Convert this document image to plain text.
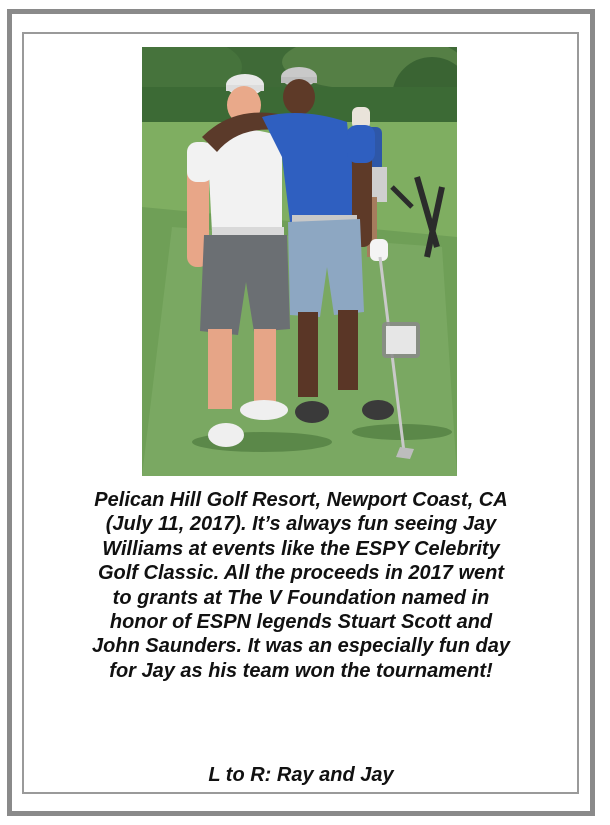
Pelican Hill Golf Resort, Newport Coast, CA
(July 11, 2017). It’s always fun seeing Jay
Williams at events like the ESPY Celebrity
Golf Classic. All the proceeds in 2017 went
to grants at The V Foundation named in
honor of ESPN legends Stuart Scott and
John Saunders. It was an especially fun day
for Jay as his team won the tournament!
L to R: Ray and Jay
